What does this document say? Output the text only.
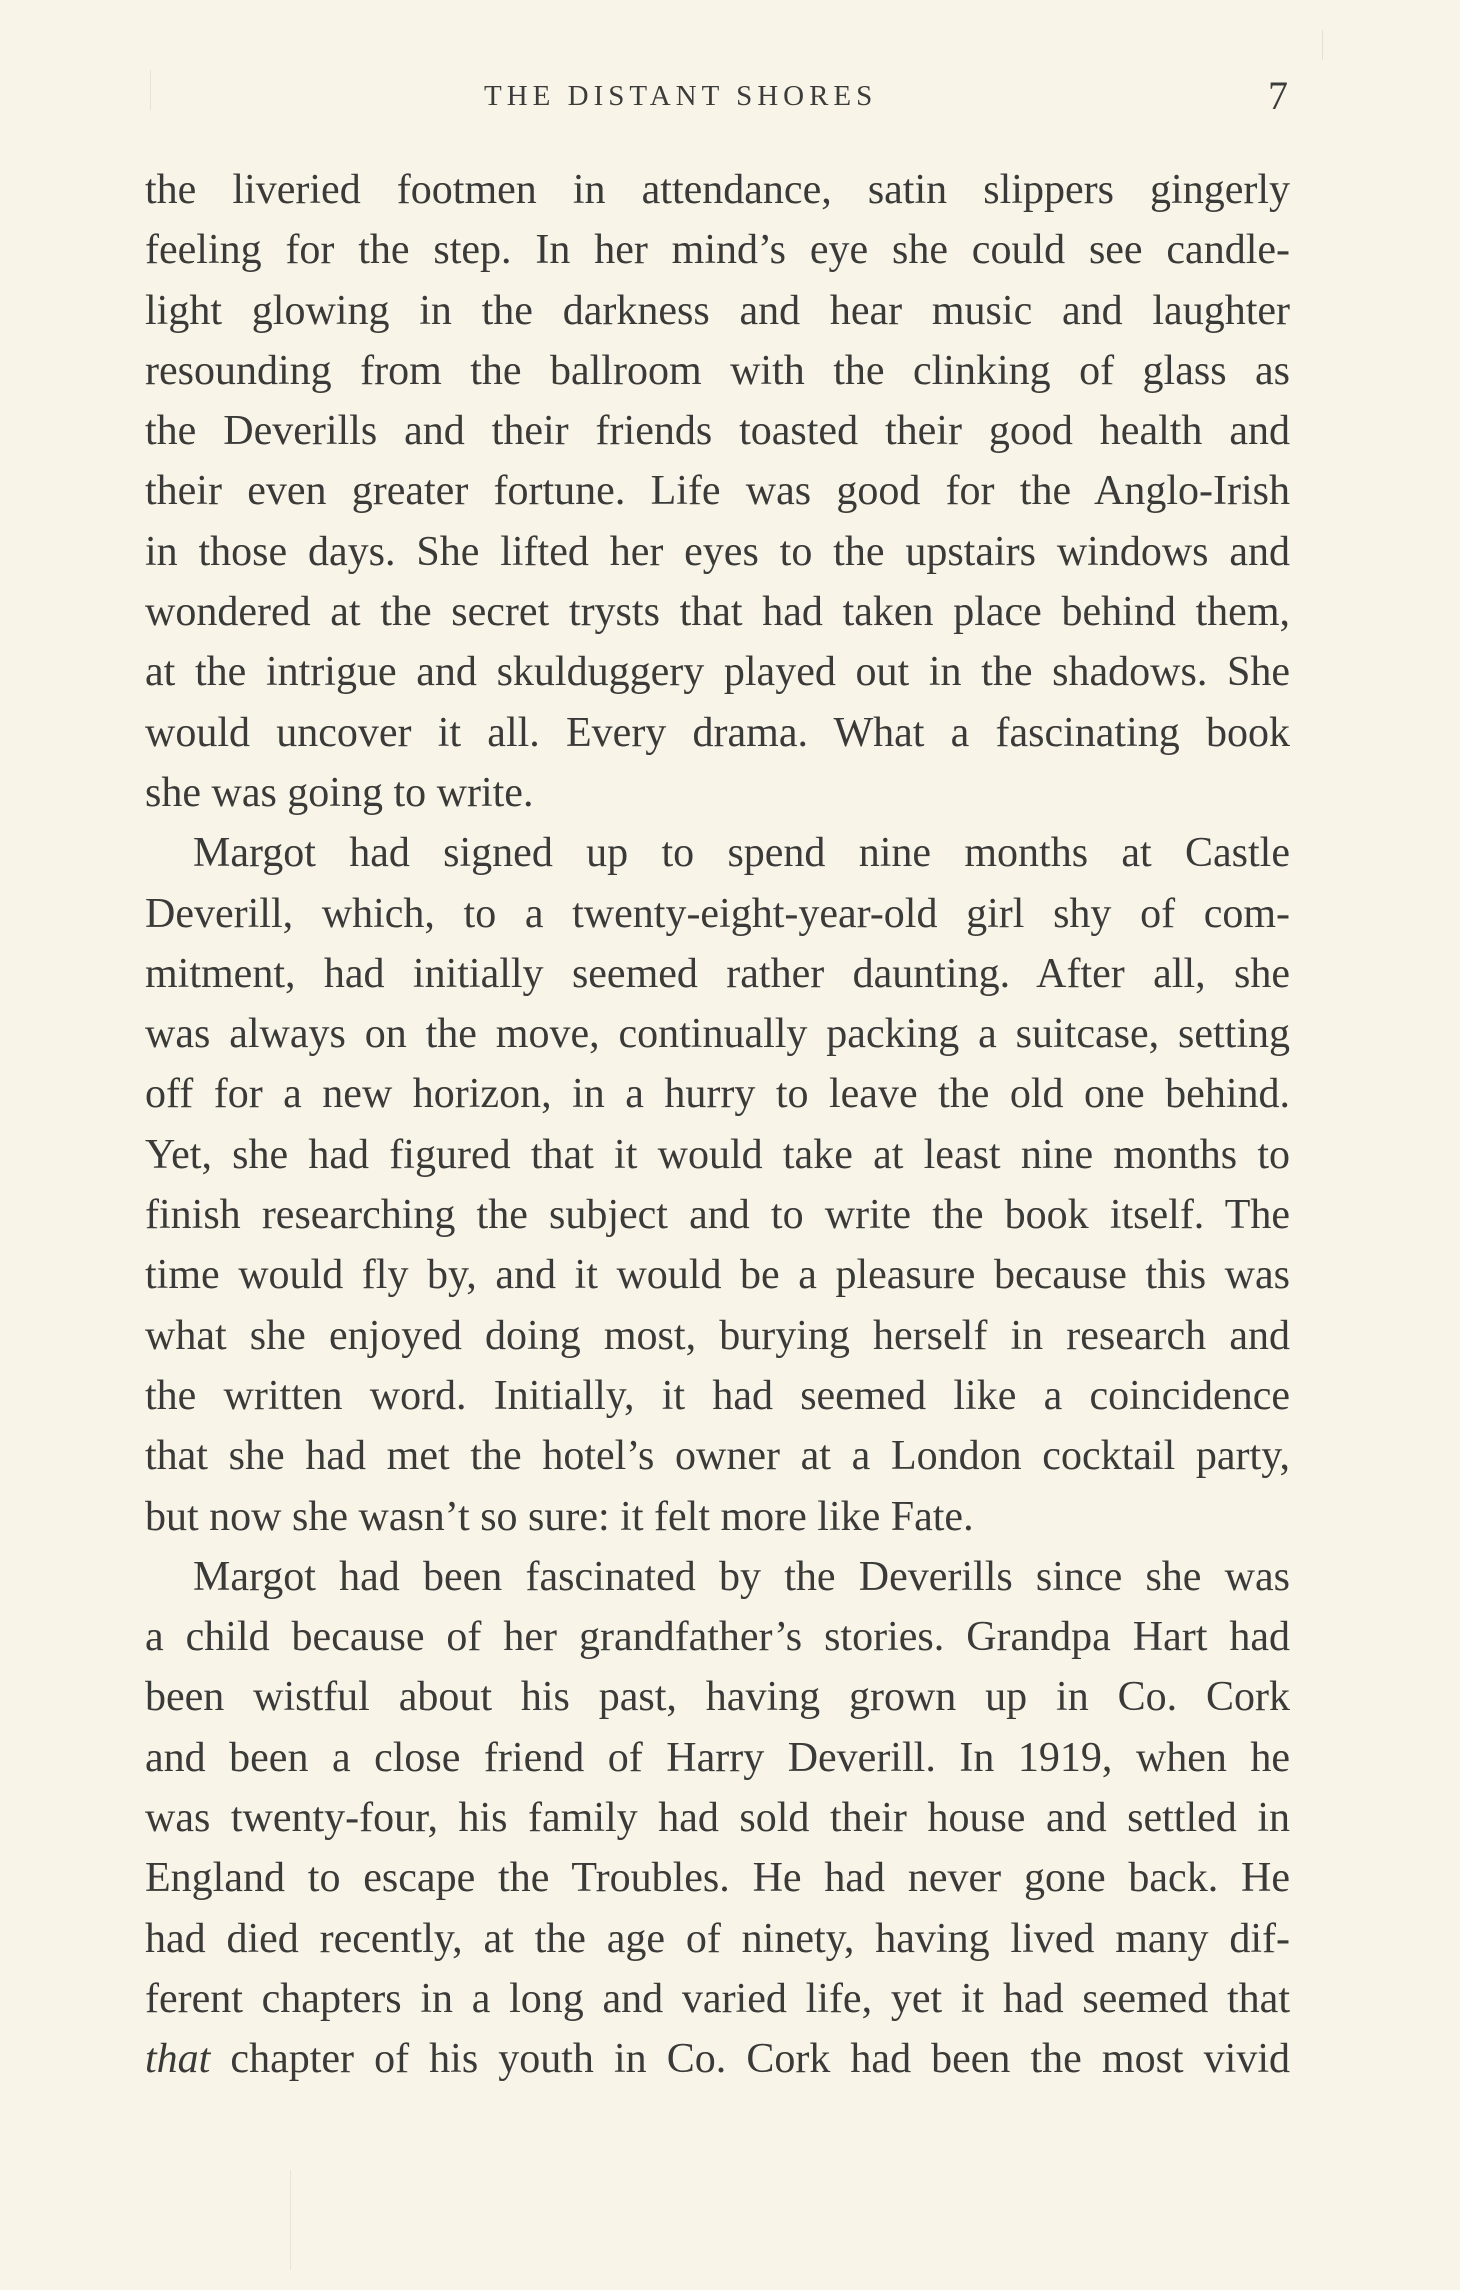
THE DISTANT SHORES	7
the liveried footmen in attendance, satin slippers gingerly
feeling for the step. In her mind’s eye she could see candle-
light glowing in the darkness and hear music and laughter
resounding from the ballroom with the clinking of glass as
the Deverills and their friends toasted their good health and
their even greater fortune. Life was good for the Anglo-Irish
in those days. She lifted her eyes to the upstairs windows and
wondered at the secret trysts that had taken place behind them,
at the intrigue and skulduggery played out in the shadows. She
would uncover it all. Every drama. What a fascinating book
she was going to write.
Margot had signed up to spend nine months at Castle
Deverill, which, to a twenty-eight-year-old girl shy of com-
mitment, had initially seemed rather daunting. After all, she
was always on the move, continually packing a suitcase, setting
off for a new horizon, in a hurry to leave the old one behind.
Yet, she had figured that it would take at least nine months to
finish researching the subject and to write the book itself. The
time would fly by, and it would be a pleasure because this was
what she enjoyed doing most, burying herself in research and
the written word. Initially, it had seemed like a coincidence
that she had met the hotel’s owner at a London cocktail party,
but now she wasn’t so sure: it felt more like Fate.
Margot had been fascinated by the Deverills since she was
a child because of her grandfather’s stories. Grandpa Hart had
been wistful about his past, having grown up in Co. Cork
and been a close friend of Harry Deverill. In 1919, when he
was twenty-four, his family had sold their house and settled in
England to escape the Troubles. He had never gone back. He
had died recently, at the age of ninety, having lived many dif-
ferent chapters in a long and varied life, yet it had seemed that
that chapter of his youth in Co. Cork had been the most vivid
